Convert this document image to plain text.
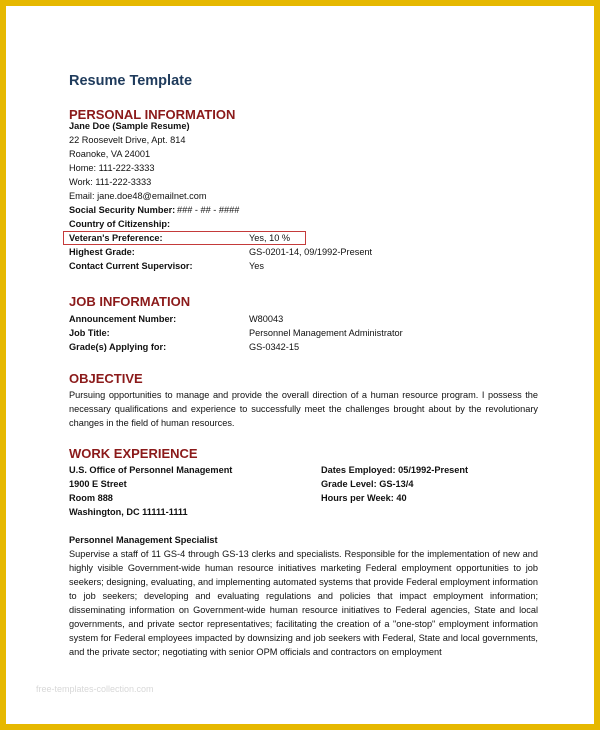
Resume Template
PERSONAL INFORMATION
Jane Doe (Sample Resume)
22 Roosevelt Drive, Apt. 814
Roanoke, VA 24001
Home: 111-222-3333
Work: 111-222-3333
Email: jane.doe48@emailnet.com
Social Security Number: ### - ## - ####
Country of Citizenship:
Veteran's Preference:	Yes, 10 %
Highest Grade:	GS-0201-14, 09/1992-Present
Contact Current Supervisor:	Yes
JOB INFORMATION
Announcement Number:	W80043
Job Title:	Personnel Management Administrator
Grade(s) Applying for:	GS-0342-15
OBJECTIVE
Pursuing opportunities to manage and provide the overall direction of a human resource program. I possess the necessary qualifications and experience to successfully meet the challenges brought about by the revolutionary changes in the field of human resources.
WORK EXPERIENCE
U.S. Office of Personnel Management
1900 E Street
Room 888
Washington, DC 11111-1111
Dates Employed: 05/1992-Present
Grade Level: GS-13/4
Hours per Week: 40
Personnel Management Specialist
Supervise a staff of 11 GS-4 through GS-13 clerks and specialists. Responsible for the implementation of new and highly visible Government-wide human resource initiatives marketing Federal employment opportunities to job seekers; designing, evaluating, and implementing automated systems that provide Federal employment information to job seekers; developing and evaluating regulations and policies that impact employment information; disseminating information on Government-wide human resource initiatives to Federal agencies, State and local governments, and private sector representatives; facilitating the creation of a "one-stop" employment information system for Federal employees impacted by downsizing and job seekers with Federal, State and local governments, and the private sector; negotiating with senior OPM officials and contractors on employment
free-templates-collection.com
